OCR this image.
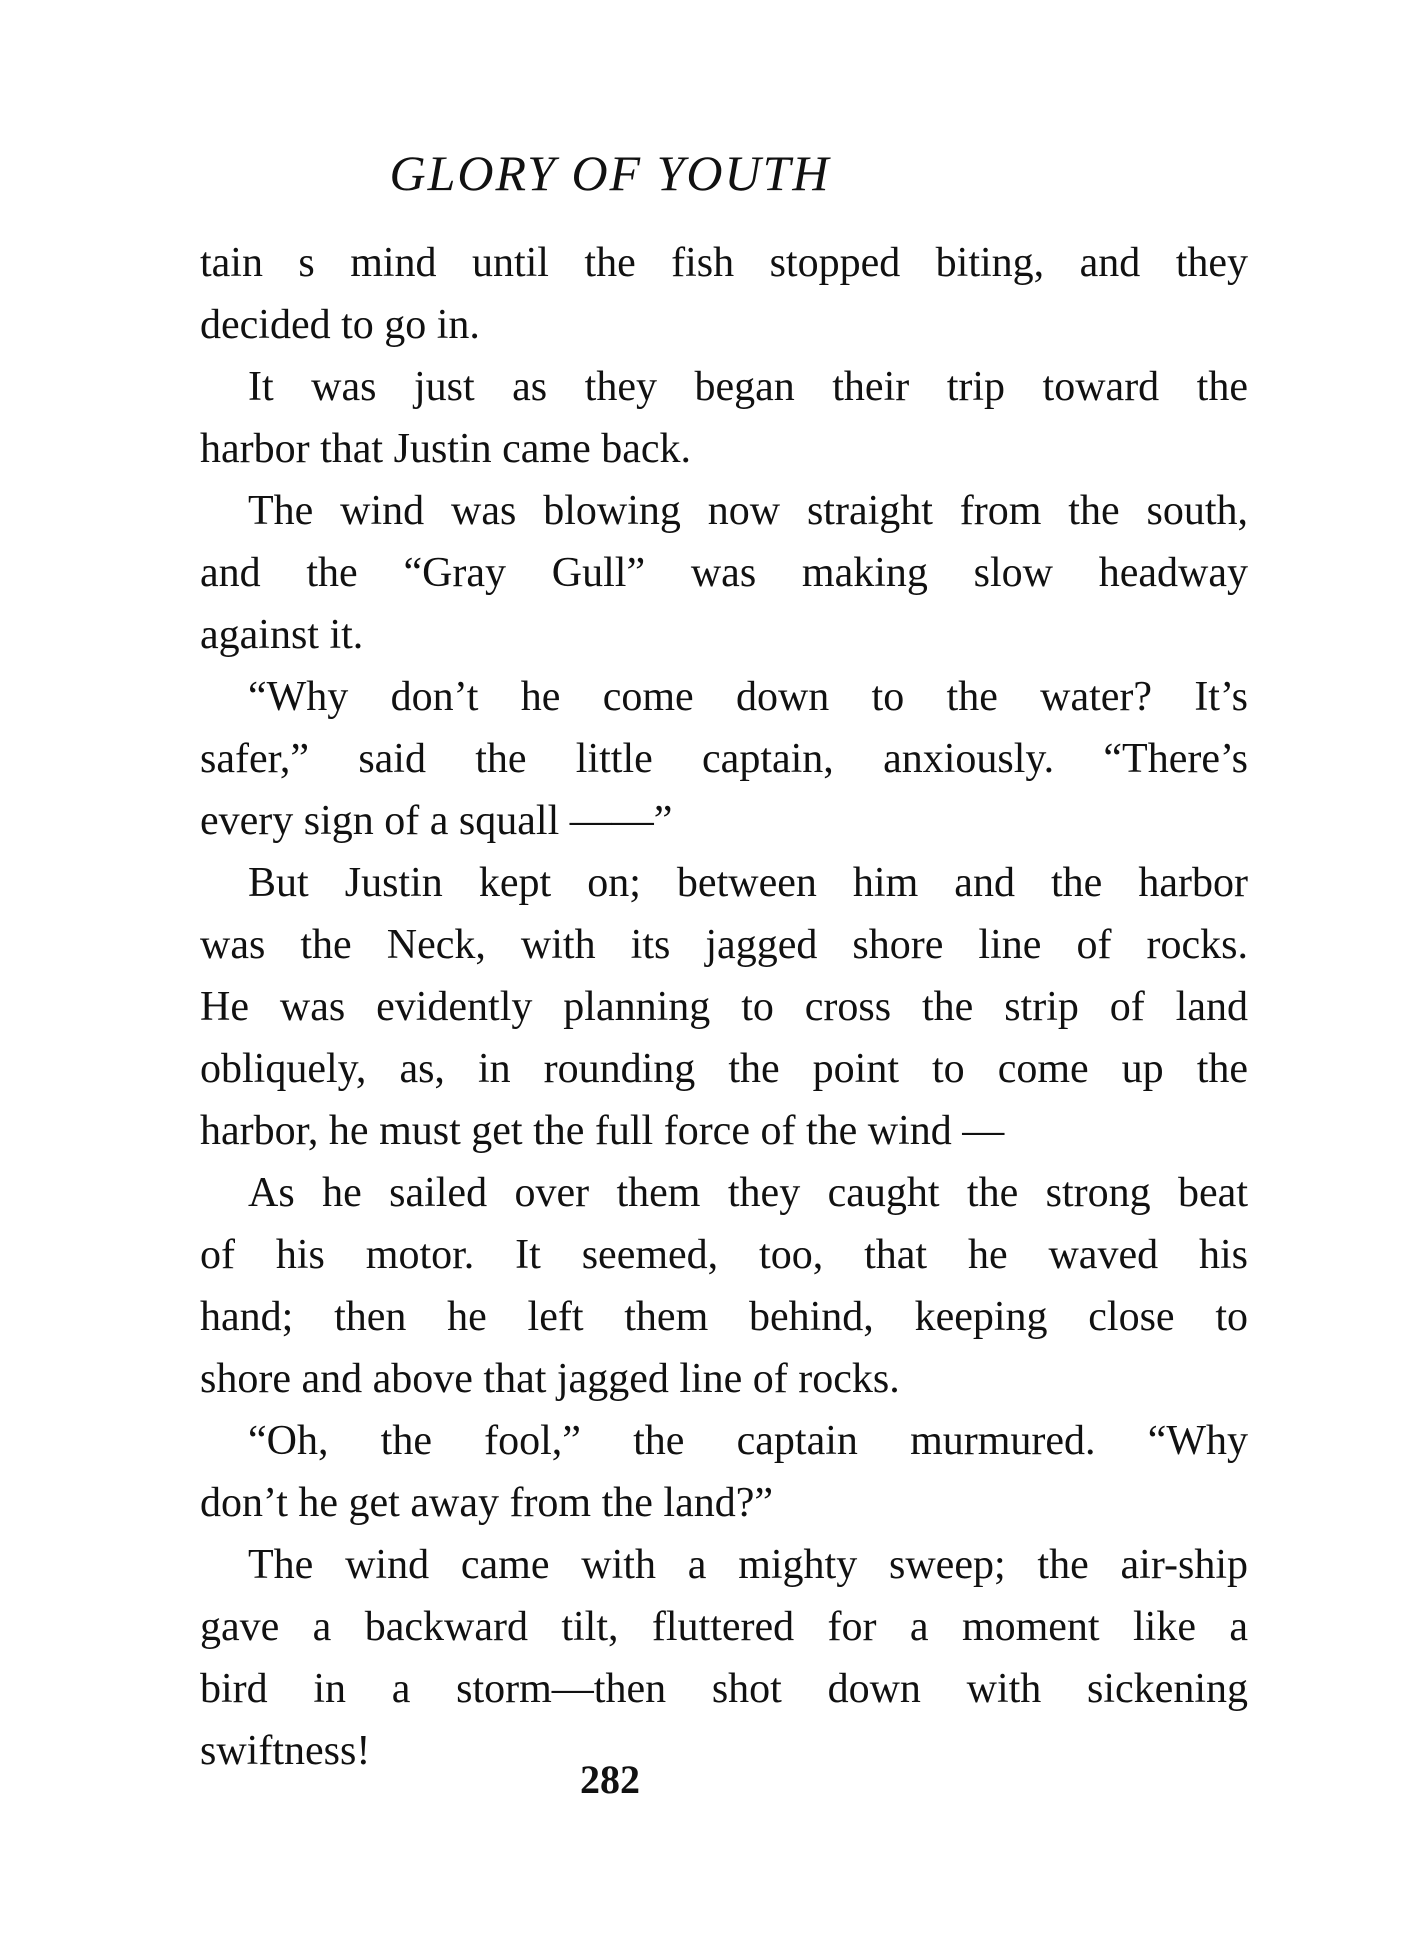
GLORY OF YOUTH

tain s mind until the fish stopped biting, and they
decided to go in.

It was just as they began their trip toward the
harbor that Justin came back.

The wind was blowing now straight from the south,
and the “Gray Gull” was making slow headway
against it.

“Why don’t he come down to the water? It’s
safer,” said the little captain, anxiously. “There’s
every sign of a squall ——”

But Justin kept on; between him and the harbor
was the Neck, with its jagged shore line of rocks.
He was evidently planning to cross the strip of land
obliquely, as, in rounding the point to come up the
harbor, he must get the full force of the wind —

As he sailed over them they caught the strong beat
of his motor. It seemed, too, that he waved his
hand; then he left them behind, keeping close to
shore and above that jagged line of rocks.

“Oh, the fool,” the captain murmured. “Why
don’t he get away from the land?”

The wind came with a mighty sweep; the air-ship
gave a backward tilt, fluttered for a moment like a
bird in a storm—then shot down with sickening
swiftness!

282
